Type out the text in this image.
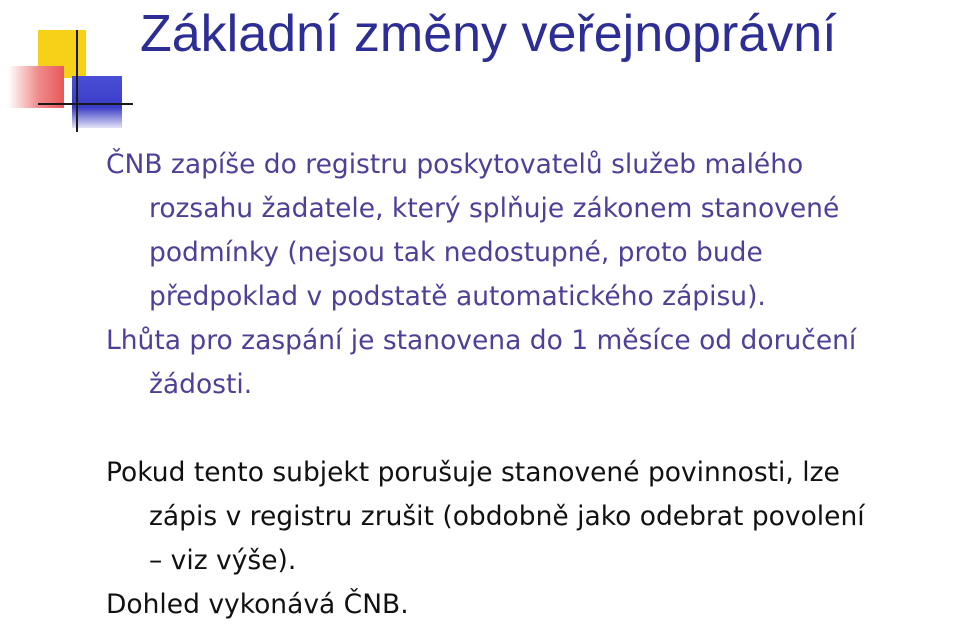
Základní změny veřejnoprávní

ČNB zapíše do registru poskytovatelů služeb malého
rozsahu žadatele, který splňuje zákonem stanovené
podmínky (nejsou tak nedostupné, proto bude
předpoklad v podstatě automatického zápisu).

Lhůta pro zaspání je stanovena do 1 měsíce od doručení
žádosti.

Pokud tento subjekt porušuje stanovené povinnosti, lze
zápis v registru zrušit (obdobně jako odebrat povolení
– viz výše).

Dohled vykonává ČNB.
